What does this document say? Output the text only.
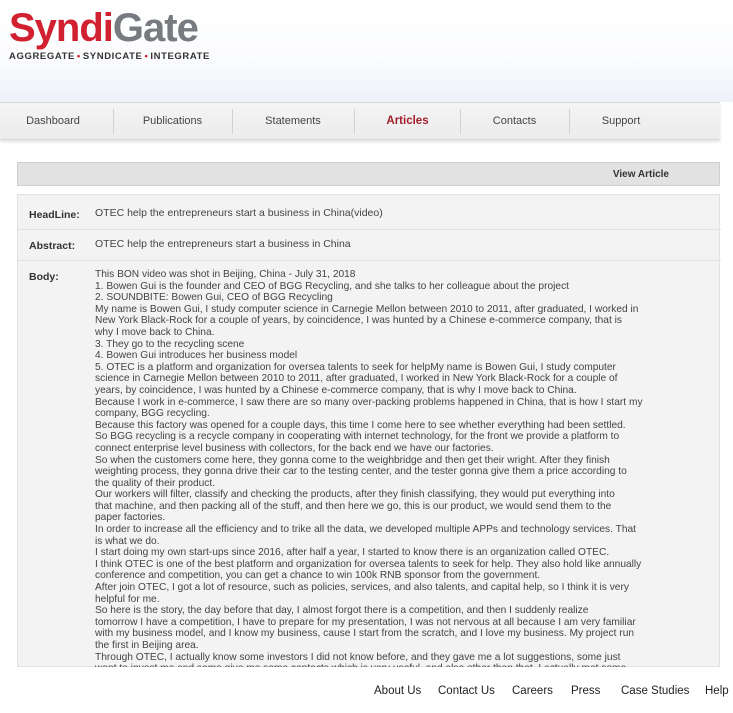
SyndiGate
AGGREGATE • SYNDICATE • INTEGRATE
Dashboard	Publications	Statements	Articles	Contacts	Support
View Article
HeadLine: OTEC help the entrepreneurs start a business in China(video)
Abstract: OTEC help the entrepreneurs start a business in China
Body:	This BON video was shot in Beijing, China - July 31, 2018
1. Bowen Gui is the founder and CEO of BGG Recycling, and she talks to her colleague about the project
2. SOUNDBITE: Bowen Gui, CEO of BGG Recycling
My name is Bowen Gui, I study computer science in Carnegie Mellon between 2010 to 2011, after graduated, I worked in
New York Black-Rock for a couple of years, by coincidence, I was hunted by a Chinese e-commerce company, that is
why I move back to China.
3. They go to the recycling scene
4. Bowen Gui introduces her business model
5. OTEC is a platform and organization for oversea talents to seek for helpMy name is Bowen Gui, I study computer
science in Carnegie Mellon between 2010 to 2011, after graduated, I worked in New York Black-Rock for a couple of
years, by coincidence, I was hunted by a Chinese e-commerce company, that is why I move back to China.
Because I work in e-commerce, I saw there are so many over-packing problems happened in China, that is how I start my
company, BGG recycling.
Because this factory was opened for a couple days, this time I come here to see whether everything had been settled.
So BGG recycling is a recycle company in cooperating with internet technology, for the front we provide a platform to
connect enterprise level business with collectors, for the back end we have our factories.
So when the customers come here, they gonna come to the weighbridge and then get their wright. After they finish
weighting process, they gonna drive their car to the testing center, and the tester gonna give them a price according to
the quality of their product.
Our workers will filter, classify and checking the products, after they finish classifying, they would put everything into
that machine, and then packing all of the stuff, and then here we go, this is our product, we would send them to the
paper factories.
In order to increase all the efficiency and to trike all the data, we developed multiple APPs and technology services. That
is what we do.
I start doing my own start-ups since 2016, after half a year, I started to know there is an organization called OTEC.
I think OTEC is one of the best platform and organization for oversea talents to seek for help. They also hold like annually
conference and competition, you can get a chance to win 100k RNB sponsor from the government.
After join OTEC, I got a lot of resource, such as policies, services, and also talents, and capital help, so I think it is very
helpful for me.
So here is the story, the day before that day, I almost forgot there is a competition, and then I suddenly realize
tomorrow I have a competition, I have to prepare for my presentation, I was not nervous at all because I am very familiar
with my business model, and I know my business, cause I start from the scratch, and I love my business. My project run
the first in Beijing area.
Through OTEC, I actually know some investors I did not know before, and they gave me a lot suggestions, some just
About Us Contact Us Careers Press Case Studies Help
